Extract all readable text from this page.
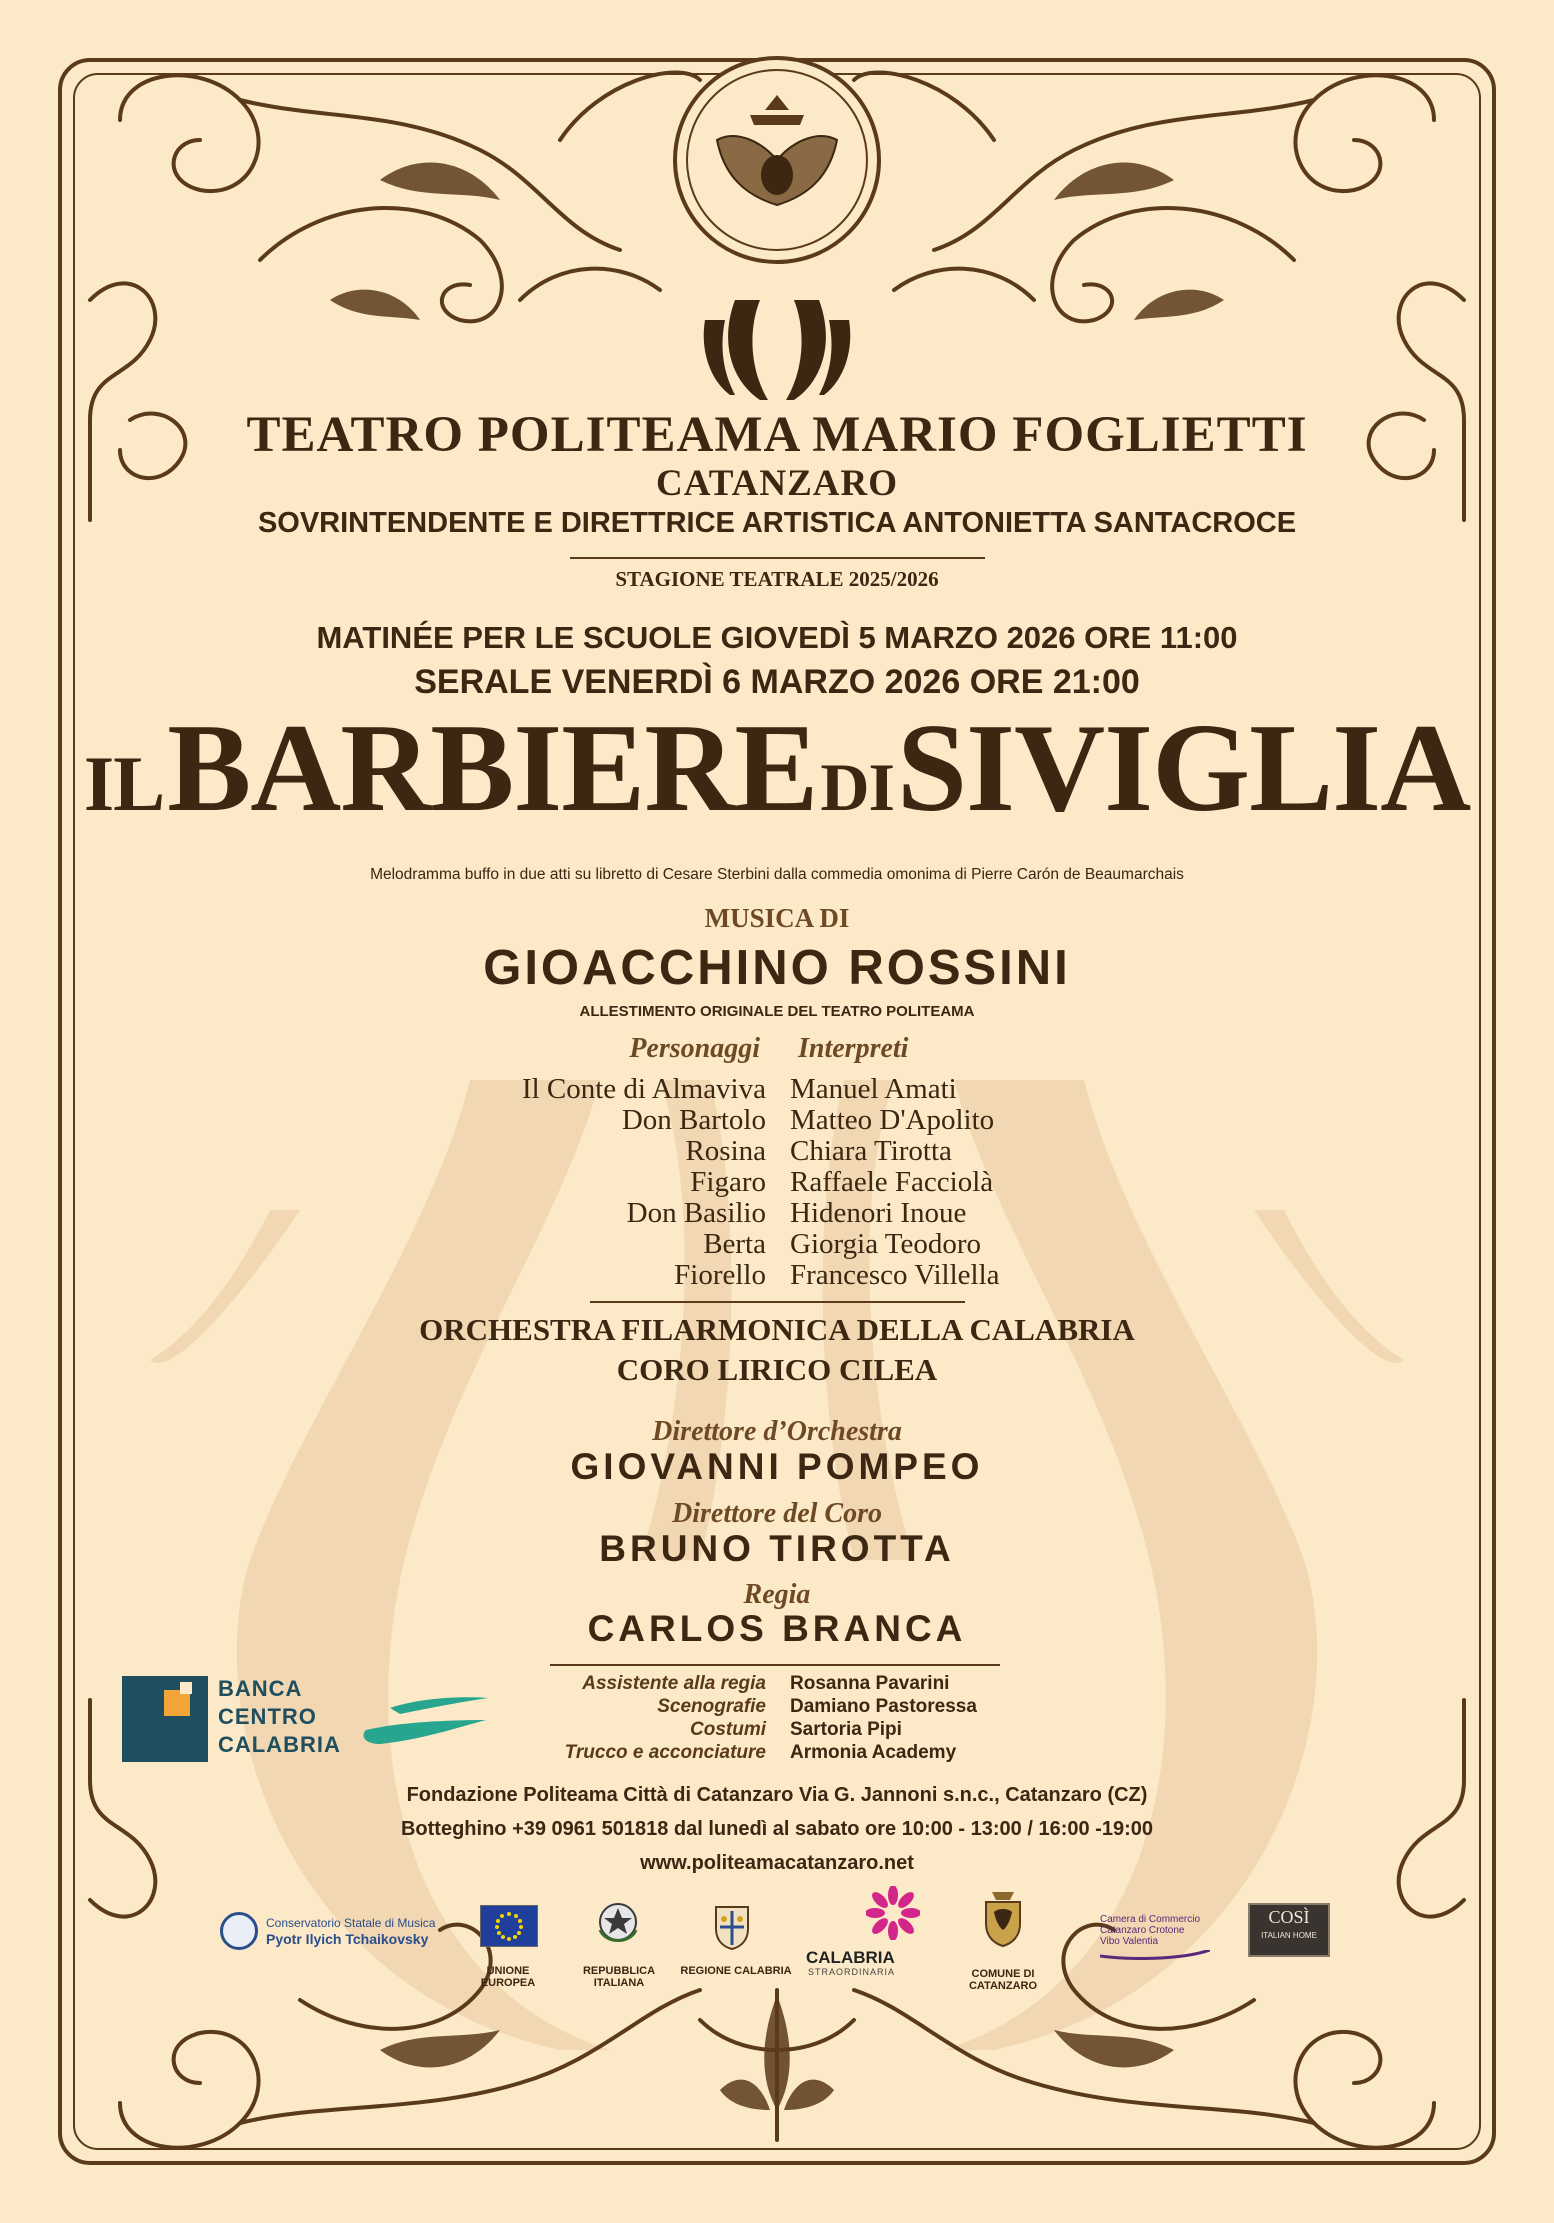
TEATRO POLITEAMA MARIO FOGLIETTI
CATANZARO
SOVRINTENDENTE E DIRETTRICE ARTISTICA ANTONIETTA SANTACROCE
STAGIONE TEATRALE 2025/2026
MATINÉE PER LE SCUOLE GIOVEDÌ 5 MARZO 2026 ORE 11:00
SERALE VENERDÌ 6 MARZO 2026 ORE 21:00
IL BARBIERE DI SIVIGLIA
Melodramma buffo in due atti su libretto di Cesare Sterbini dalla commedia omonima di Pierre Carón de Beaumarchais
MUSICA DI
GIOACCHINO ROSSINI
ALLESTIMENTO ORIGINALE DEL TEATRO POLITEAMA
Personaggi Interpreti
Il Conte di Almaviva Manuel Amati
Don Bartolo Matteo D'Apolito
Rosina Chiara Tirotta
Figaro Raffaele Facciolà
Don Basilio Hidenori Inoue
Berta Giorgia Teodoro
Fiorello Francesco Villella
ORCHESTRA FILARMONICA DELLA CALABRIA
CORO LIRICO CILEA
Direttore d’Orchestra
GIOVANNI POMPEO
Direttore del Coro
BRUNO TIROTTA
Regia
CARLOS BRANCA
Assistente alla regia Rosanna Pavarini
Scenografie Damiano Pastoressa
Costumi Sartoria Pipi
Trucco e acconciature Armonia Academy
BANCA
CENTRO
CALABRIA
Fondazione Politeama Città di Catanzaro Via G. Jannoni s.n.c., Catanzaro (CZ)
Botteghino +39 0961 501818 dal lunedì al sabato ore 10:00 - 13:00 / 16:00 -19:00
www.politeamacatanzaro.net
Conservatorio Statale di Musica
Pyotr Ilyich Tchaikovsky
UNIONE EUROPEA
REPUBBLICA ITALIANA
REGIONE CALABRIA
CALABRIA
STRAORDINARIA	COMUNE DI CATANZARO
Camera di Commercio
Catanzaro Crotone
Vibo Valentia
COSÌ
ITALIAN HOME
